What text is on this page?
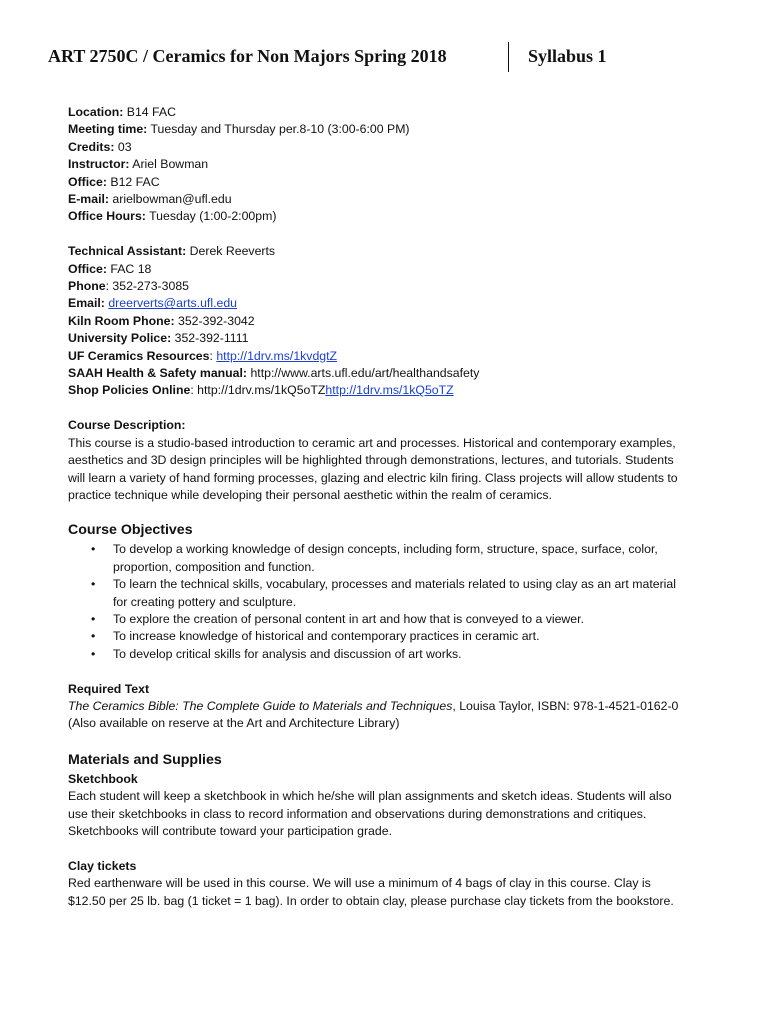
ART 2750C / Ceramics for Non Majors Spring 2018	Syllabus 1
Location: B14 FAC
Meeting time: Tuesday and Thursday per.8-10 (3:00-6:00 PM)
Credits: 03
Instructor: Ariel Bowman
Office: B12 FAC
E-mail: arielbowman@ufl.edu
Office Hours: Tuesday (1:00-2:00pm)
Technical Assistant: Derek Reeverts
Office: FAC 18
Phone: 352-273-3085
Email: dreerverts@arts.ufl.edu
Kiln Room Phone: 352-392-3042
University Police: 352-392-1111
UF Ceramics Resources: http://1drv.ms/1kvdgtZ
SAAH Health & Safety manual: http://www.arts.ufl.edu/art/healthandsafety
Shop Policies Online: http://1drv.ms/1kQ5oTZhttp://1drv.ms/1kQ5oTZ
Course Description:
This course is a studio-based introduction to ceramic art and processes. Historical and contemporary examples,
aesthetics and 3D design principles will be highlighted through demonstrations, lectures, and tutorials. Students
will learn a variety of hand forming processes, glazing and electric kiln firing. Class projects will allow students to
practice technique while developing their personal aesthetic within the realm of ceramics.
Course Objectives
• To develop a working knowledge of design concepts, including form, structure, space, surface, color,
proportion, composition and function.
• To learn the technical skills, vocabulary, processes and materials related to using clay as an art material
for creating pottery and sculpture.
• To explore the creation of personal content in art and how that is conveyed to a viewer.
• To increase knowledge of historical and contemporary practices in ceramic art.
• To develop critical skills for analysis and discussion of art works.
Required Text
The Ceramics Bible: The Complete Guide to Materials and Techniques, Louisa Taylor, ISBN: 978-1-4521-0162-0
(Also available on reserve at the Art and Architecture Library)
Materials and Supplies
Sketchbook
Each student will keep a sketchbook in which he/she will plan assignments and sketch ideas. Students will also
use their sketchbooks in class to record information and observations during demonstrations and critiques.
Sketchbooks will contribute toward your participation grade.
Clay tickets
Red earthenware will be used in this course. We will use a minimum of 4 bags of clay in this course. Clay is
$12.50 per 25 lb. bag (1 ticket = 1 bag). In order to obtain clay, please purchase clay tickets from the bookstore.
